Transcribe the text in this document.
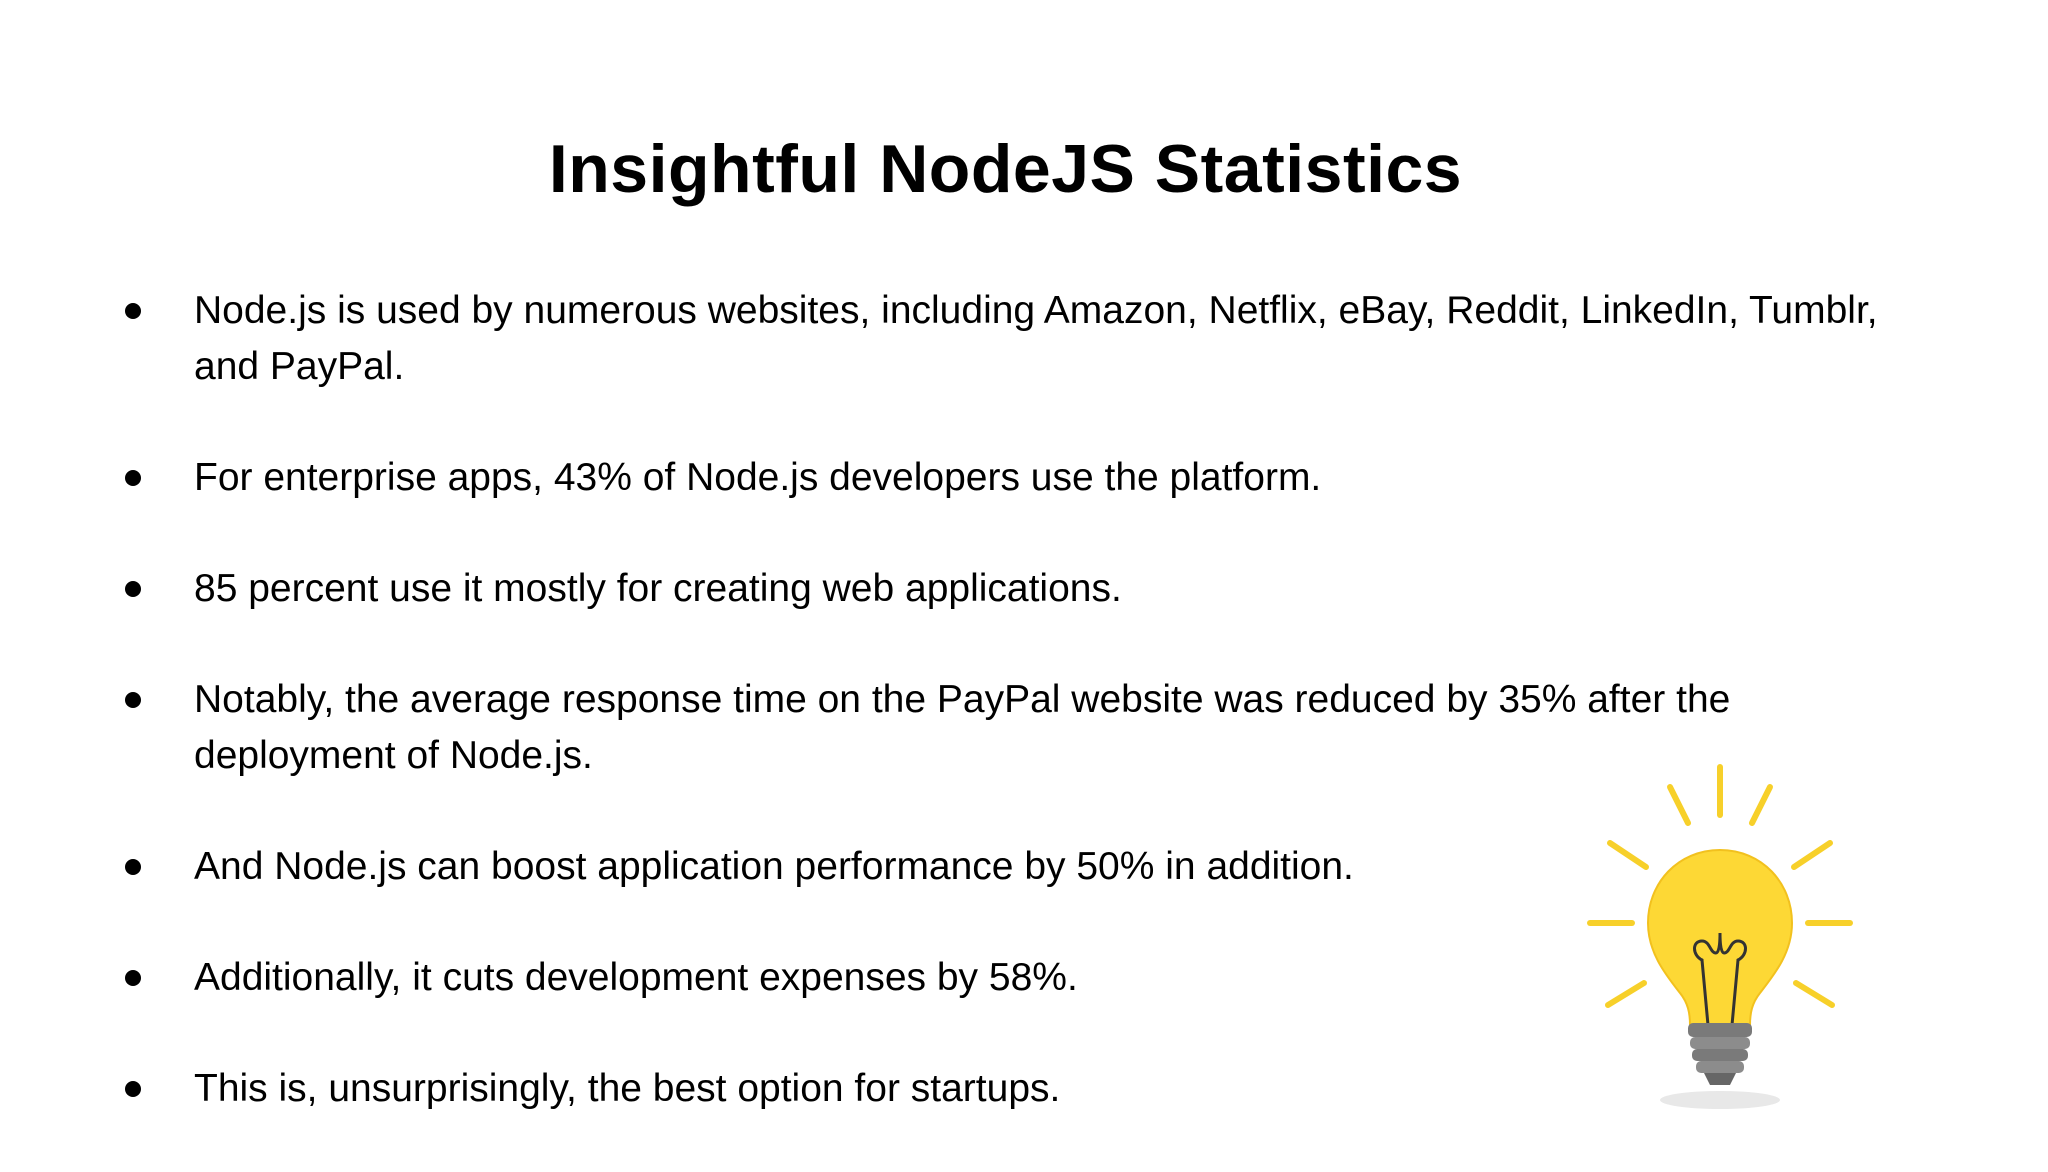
Insightful NodeJS Statistics
Node.js is used by numerous websites, including Amazon, Netflix, eBay, Reddit, LinkedIn, Tumblr, and PayPal.
For enterprise apps, 43% of Node.js developers use the platform.
85 percent use it mostly for creating web applications.
Notably, the average response time on the PayPal website was reduced by 35% after the deployment of Node.js.
And Node.js can boost application performance by 50% in addition.
Additionally, it cuts development expenses by 58%.
This is, unsurprisingly, the best option for startups.
